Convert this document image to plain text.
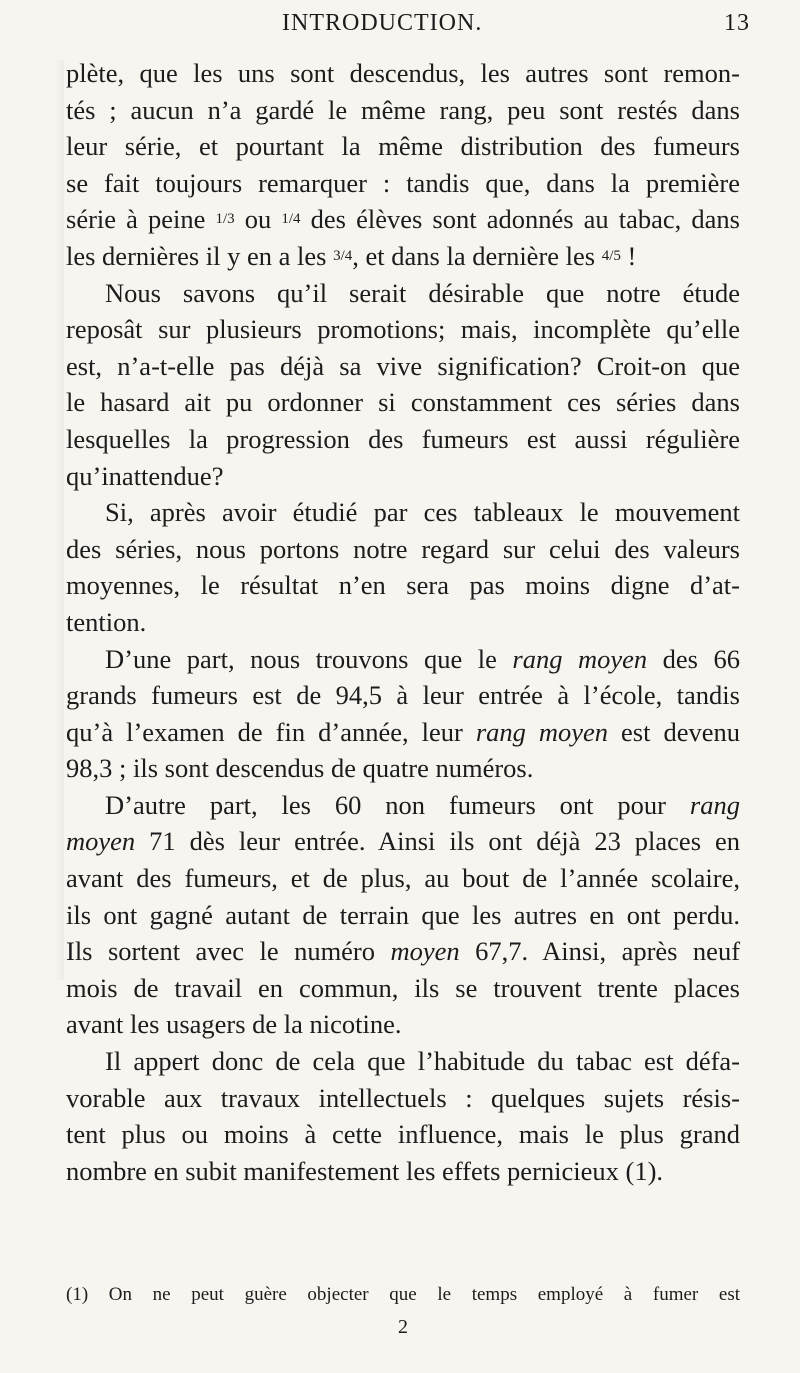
INTRODUCTION.	13
plète, que les uns sont descendus, les autres sont remon-
tés ; aucun n’a gardé le même rang, peu sont restés dans
leur série, et pourtant la même distribution des fumeurs
se fait toujours remarquer : tandis que, dans la première
série à peine 1/3 ou 1/4 des élèves sont adonnés au tabac, dans
les dernières il y en a les 3/4, et dans la dernière les 4/5 !
Nous savons qu’il serait désirable que notre étude
reposât sur plusieurs promotions; mais, incomplète qu’elle
est, n’a-t-elle pas déjà sa vive signification? Croit-on que
le hasard ait pu ordonner si constamment ces séries dans
lesquelles la progression des fumeurs est aussi régulière
qu’inattendue?
Si, après avoir étudié par ces tableaux le mouvement
des séries, nous portons notre regard sur celui des valeurs
moyennes, le résultat n’en sera pas moins digne d’at-
tention.
D’une part, nous trouvons que le rang moyen des 66
grands fumeurs est de 94,5 à leur entrée à l’école, tandis
qu’à l’examen de fin d’année, leur rang moyen est devenu
98,3 ; ils sont descendus de quatre numéros.
D’autre part, les 60 non fumeurs ont pour rang
moyen 71 dès leur entrée. Ainsi ils ont déjà 23 places en
avant des fumeurs, et de plus, au bout de l’année scolaire,
ils ont gagné autant de terrain que les autres en ont perdu.
Ils sortent avec le numéro moyen 67,7. Ainsi, après neuf
mois de travail en commun, ils se trouvent trente places
avant les usagers de la nicotine.
Il appert donc de cela que l’habitude du tabac est défa-
vorable aux travaux intellectuels : quelques sujets résis-
tent plus ou moins à cette influence, mais le plus grand
nombre en subit manifestement les effets pernicieux (1).
(1) On ne peut guère objecter que le temps employé à fumer est
2
